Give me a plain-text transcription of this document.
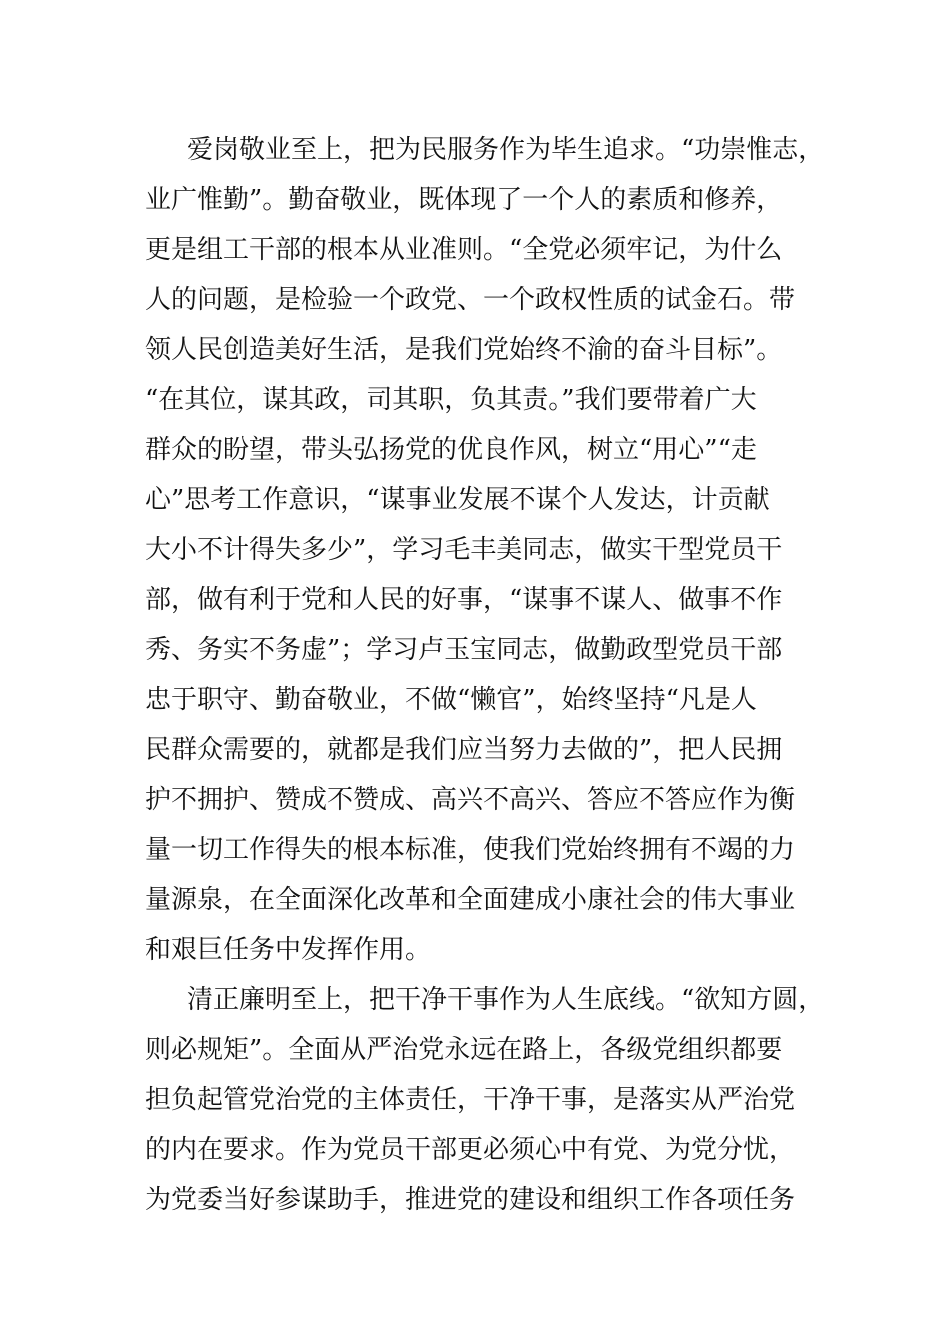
爱岗敬业至上，把为民服务作为毕生追求。“功崇惟志，
业广惟勤”。勤奋敬业，既体现了一个人的素质和修养，
更是组工干部的根本从业准则。“全党必须牢记，为什么
人的问题，是检验一个政党、一个政权性质的试金石。带
领人民创造美好生活，是我们党始终不渝的奋斗目标”。
“在其位，谋其政，司其职，负其责。”我们要带着广大
群众的盼望，带头弘扬党的优良作风，树立“用心”“走
心”思考工作意识，“谋事业发展不谋个人发达，计贡献
大小不计得失多少”，学习毛丰美同志，做实干型党员干
部，做有利于党和人民的好事，“谋事不谋人、做事不作
秀、务实不务虚”；学习卢玉宝同志，做勤政型党员干部
忠于职守、勤奋敬业，不做“懒官”，始终坚持“凡是人
民群众需要的，就都是我们应当努力去做的”，把人民拥
护不拥护、赞成不赞成、高兴不高兴、答应不答应作为衡
量一切工作得失的根本标准，使我们党始终拥有不竭的力
量源泉，在全面深化改革和全面建成小康社会的伟大事业
和艰巨任务中发挥作用。
清正廉明至上，把干净干事作为人生底线。“欲知方圆，
则必规矩”。全面从严治党永远在路上，各级党组织都要
担负起管党治党的主体责任，干净干事，是落实从严治党
的内在要求。作为党员干部更必须心中有党、为党分忧，
为党委当好参谋助手，推进党的建设和组织工作各项任务
